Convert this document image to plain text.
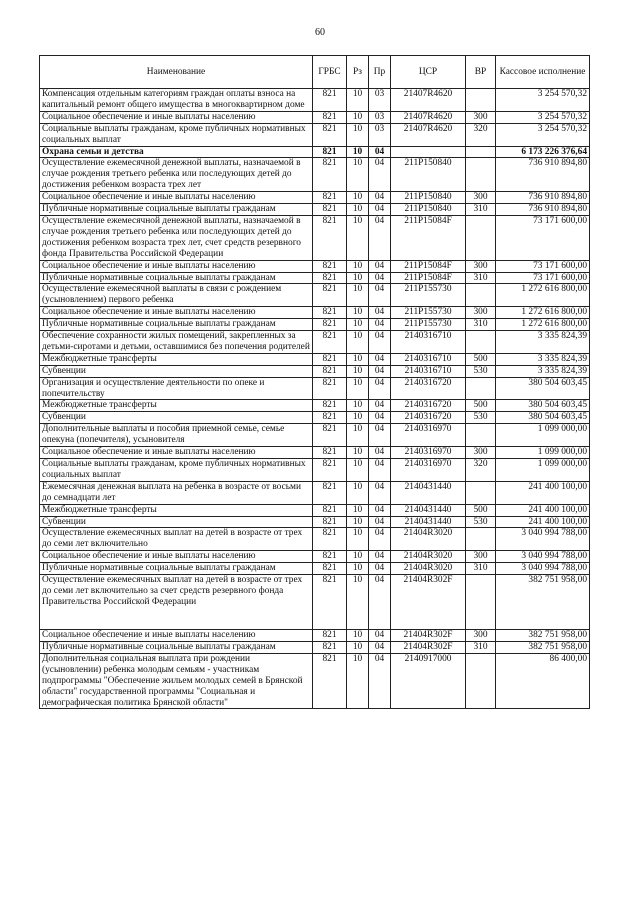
60
Наименование	ГРБС	Рз	Пр	ЦСР	ВР	Кассовое исполнение
Компенсация отдельным категориям граждан оплаты взноса на капитальный ремонт общего имущества в многоквартирном доме	821	10	03	21407R4620		3 254 570,32
Социальное обеспечение и иные выплаты населению	821	10	03	21407R4620	300	3 254 570,32
Социальные выплаты гражданам, кроме публичных нормативных социальных выплат	821	10	03	21407R4620	320	3 254 570,32
Охрана семьи и детства	821	10	04			6 173 226 376,64
Осуществление ежемесячной денежной выплаты, назначаемой в случае рождения третьего ребенка или последующих детей до достижения ребенком возраста трех лет	821	10	04	211P150840		736 910 894,80
Социальное обеспечение и иные выплаты населению	821	10	04	211P150840	300	736 910 894,80
Публичные нормативные социальные выплаты гражданам	821	10	04	211P150840	310	736 910 894,80
Осуществление ежемесячной денежной выплаты, назначаемой в случае рождения третьего ребенка или последующих детей до достижения ребенком возраста трех лет, счет средств резервного фонда Правительства Российской Федерации	821	10	04	211P15084F		73 171 600,00
Социальное обеспечение и иные выплаты населению	821	10	04	211P15084F	300	73 171 600,00
Публичные нормативные социальные выплаты гражданам	821	10	04	211P15084F	310	73 171 600,00
Осуществление ежемесячной выплаты в связи с рождением (усыновлением) первого ребенка	821	10	04	211P155730		1 272 616 800,00
Социальное обеспечение и иные выплаты населению	821	10	04	211P155730	300	1 272 616 800,00
Публичные нормативные социальные выплаты гражданам	821	10	04	211P155730	310	1 272 616 800,00
Обеспечение сохранности жилых помещений, закрепленных за детьми-сиротами и детьми, оставшимися без попечения родителей	821	10	04	2140316710		3 335 824,39
Межбюджетные трансферты	821	10	04	2140316710	500	3 335 824,39
Субвенции	821	10	04	2140316710	530	3 335 824,39
Организация и осуществление деятельности по опеке и попечительству	821	10	04	2140316720		380 504 603,45
Межбюджетные трансферты	821	10	04	2140316720	500	380 504 603,45
Субвенции	821	10	04	2140316720	530	380 504 603,45
Дополнительные выплаты и пособия приемной семье, семье опекуна (попечителя), усыновителя	821	10	04	2140316970		1 099 000,00
Социальное обеспечение и иные выплаты населению	821	10	04	2140316970	300	1 099 000,00
Социальные выплаты гражданам, кроме публичных нормативных социальных выплат	821	10	04	2140316970	320	1 099 000,00
Ежемесячная денежная выплата на ребенка в возрасте от восьми до семнадцати лет	821	10	04	2140431440		241 400 100,00
Межбюджетные трансферты	821	10	04	2140431440	500	241 400 100,00
Субвенции	821	10	04	2140431440	530	241 400 100,00
Осуществление ежемесячных выплат на детей в возрасте от трех до семи лет включительно	821	10	04	21404R3020		3 040 994 788,00
Социальное обеспечение и иные выплаты населению	821	10	04	21404R3020	300	3 040 994 788,00
Публичные нормативные социальные выплаты гражданам	821	10	04	21404R3020	310	3 040 994 788,00
Осуществление ежемесячных выплат на детей в возрасте от трех до семи лет включительно за счет средств резервного фонда Правительства Российской Федерации	821	10	04	21404R302F		382 751 958,00
Социальное обеспечение и иные выплаты населению	821	10	04	21404R302F	300	382 751 958,00
Публичные нормативные социальные выплаты гражданам	821	10	04	21404R302F	310	382 751 958,00
Дополнительная социальная выплата при рождении (усыновлении) ребенка молодым семьям - участникам подпрограммы "Обеспечение жильем молодых семей в Брянской области" государственной программы "Социальная и демографическая политика Брянской области"	821	10	04	2140917000		86 400,00
